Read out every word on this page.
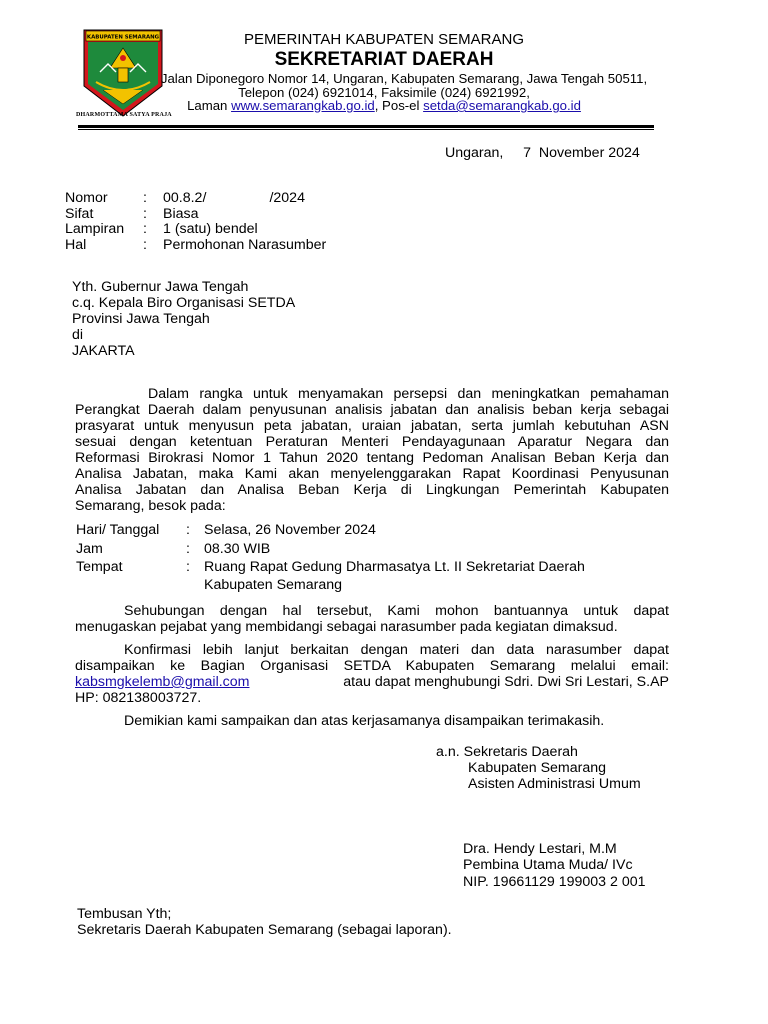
KABUPATEN SEMARANG
DHARMOTTAMA SATYA PRAJA
PEMERINTAH KABUPATEN SEMARANG
SEKRETARIAT DAERAH
Jalan Diponegoro Nomor 14, Ungaran, Kabupaten Semarang, Jawa Tengah 50511,
Telepon (024) 6921014, Faksimile (024) 6921992,
Laman www.semarangkab.go.id, Pos-el setda@semarangkab.go.id
Ungaran,     7  November 2024
Nomor : 00.8.2/                /2024
Sifat	: Biasa
Lampiran : 1 (satu) bendel
Hal	: Permohonan Narasumber
Yth. Gubernur Jawa Tengah
c.q. Kepala Biro Organisasi SETDA
Provinsi Jawa Tengah
di
JAKARTA
Dalam rangka untuk menyamakan persepsi dan meningkatkan pemahaman
Perangkat Daerah dalam penyusunan analisis jabatan dan analisis beban kerja sebagai
prasyarat untuk menyusun peta jabatan, uraian jabatan, serta jumlah kebutuhan ASN
sesuai dengan ketentuan Peraturan Menteri Pendayagunaan Aparatur Negara dan
Reformasi Birokrasi Nomor 1 Tahun 2020 tentang Pedoman Analisan Beban Kerja dan
Analisa Jabatan, maka Kami akan menyelenggarakan Rapat Koordinasi Penyusunan
Analisa Jabatan dan Analisa Beban Kerja di Lingkungan Pemerintah Kabupaten
Semarang, besok pada:
Hari/ Tanggal : Selasa, 26 November 2024
Jam	: 08.30 WIB
Tempat	: Ruang Rapat Gedung Dharmasatya Lt. II Sekretariat Daerah
Kabupaten Semarang
Sehubungan dengan hal tersebut, Kami mohon bantuannya untuk dapat
menugaskan pejabat yang membidangi sebagai narasumber pada kegiatan dimaksud.
Konfirmasi lebih lanjut berkaitan dengan materi dan data narasumber dapat
disampaikan ke Bagian Organisasi SETDA Kabupaten Semarang melalui email:
kabsmgkelemb@gmail.com	atau dapat menghubungi Sdri. Dwi Sri Lestari, S.AP
HP: 082138003727.
Demikian kami sampaikan dan atas kerjasamanya disampaikan terimakasih.
a.n. Sekretaris Daerah
Kabupaten Semarang
Asisten Administrasi Umum
Dra. Hendy Lestari, M.M
Pembina Utama Muda/ IVc
NIP. 19661129 199003 2 001
Tembusan Yth;
Sekretaris Daerah Kabupaten Semarang (sebagai laporan).
